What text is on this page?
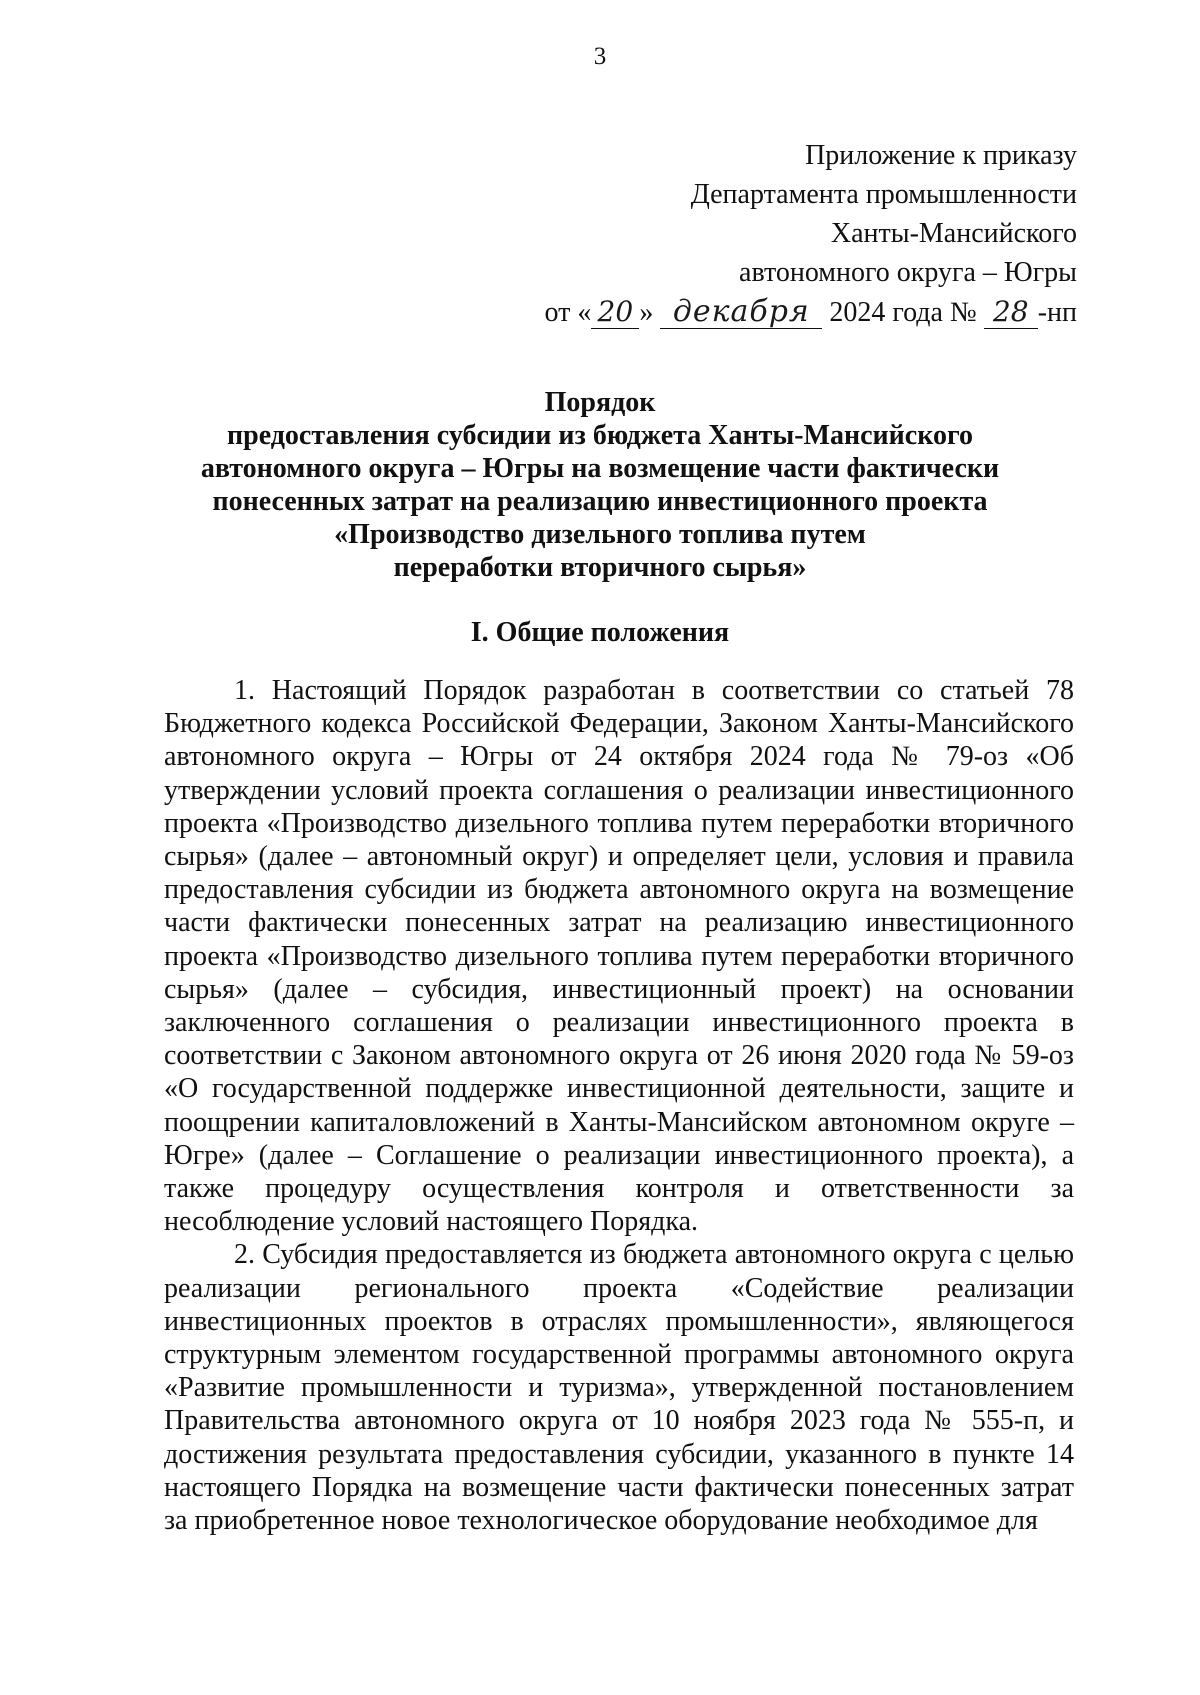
3
Приложение к приказу
Департамента промышленности
Ханты-Мансийского
автономного округа – Югры
от « 20 » декабря 2024 года № 28 -нп
Порядок
предоставления субсидии из бюджета Ханты-Мансийского
автономного округа – Югры на возмещение части фактически
понесенных затрат на реализацию инвестиционного проекта
«Производство дизельного топлива путем
переработки вторичного сырья»
I. Общие положения

1. Настоящий Порядок разработан в соответствии со статьей 78 Бюджетного кодекса Российской Федерации, Законом Ханты-Мансийского автономного округа – Югры от 24 октября 2024 года № 79-оз «Об утверждении условий проекта соглашения о реализации инвестиционного проекта «Производство дизельного топлива путем переработки вторичного сырья» (далее – автономный округ) и определяет цели, условия и правила предоставления субсидии из бюджета автономного округа на возмещение части фактически понесенных затрат на реализацию инвестиционного проекта «Производство дизельного топлива путем переработки вторичного сырья» (далее – субсидия, инвестиционный проект) на основании заключенного соглашения о реализации инвестиционного проекта в соответствии с Законом автономного округа от 26 июня 2020 года № 59-оз «О государственной поддержке инвестиционной деятельности, защите и поощрении капиталовложений в Ханты-Мансийском автономном округе – Югре» (далее – Соглашение о реализации инвестиционного проекта), а также процедуру осуществления контроля и ответственности за несоблюдение условий настоящего Порядка.

2. Субсидия предоставляется из бюджета автономного округа с целью реализации регионального проекта «Содействие реализации инвестиционных проектов в отраслях промышленности», являющегося структурным элементом государственной программы автономного округа «Развитие промышленности и туризма», утвержденной постановлением Правительства автономного округа от 10 ноября 2023 года № 555-п, и достижения результата предоставления субсидии, указанного в пункте 14 настоящего Порядка на возмещение части фактически понесенных затрат за приобретенное новое технологическое оборудование необходимое для
